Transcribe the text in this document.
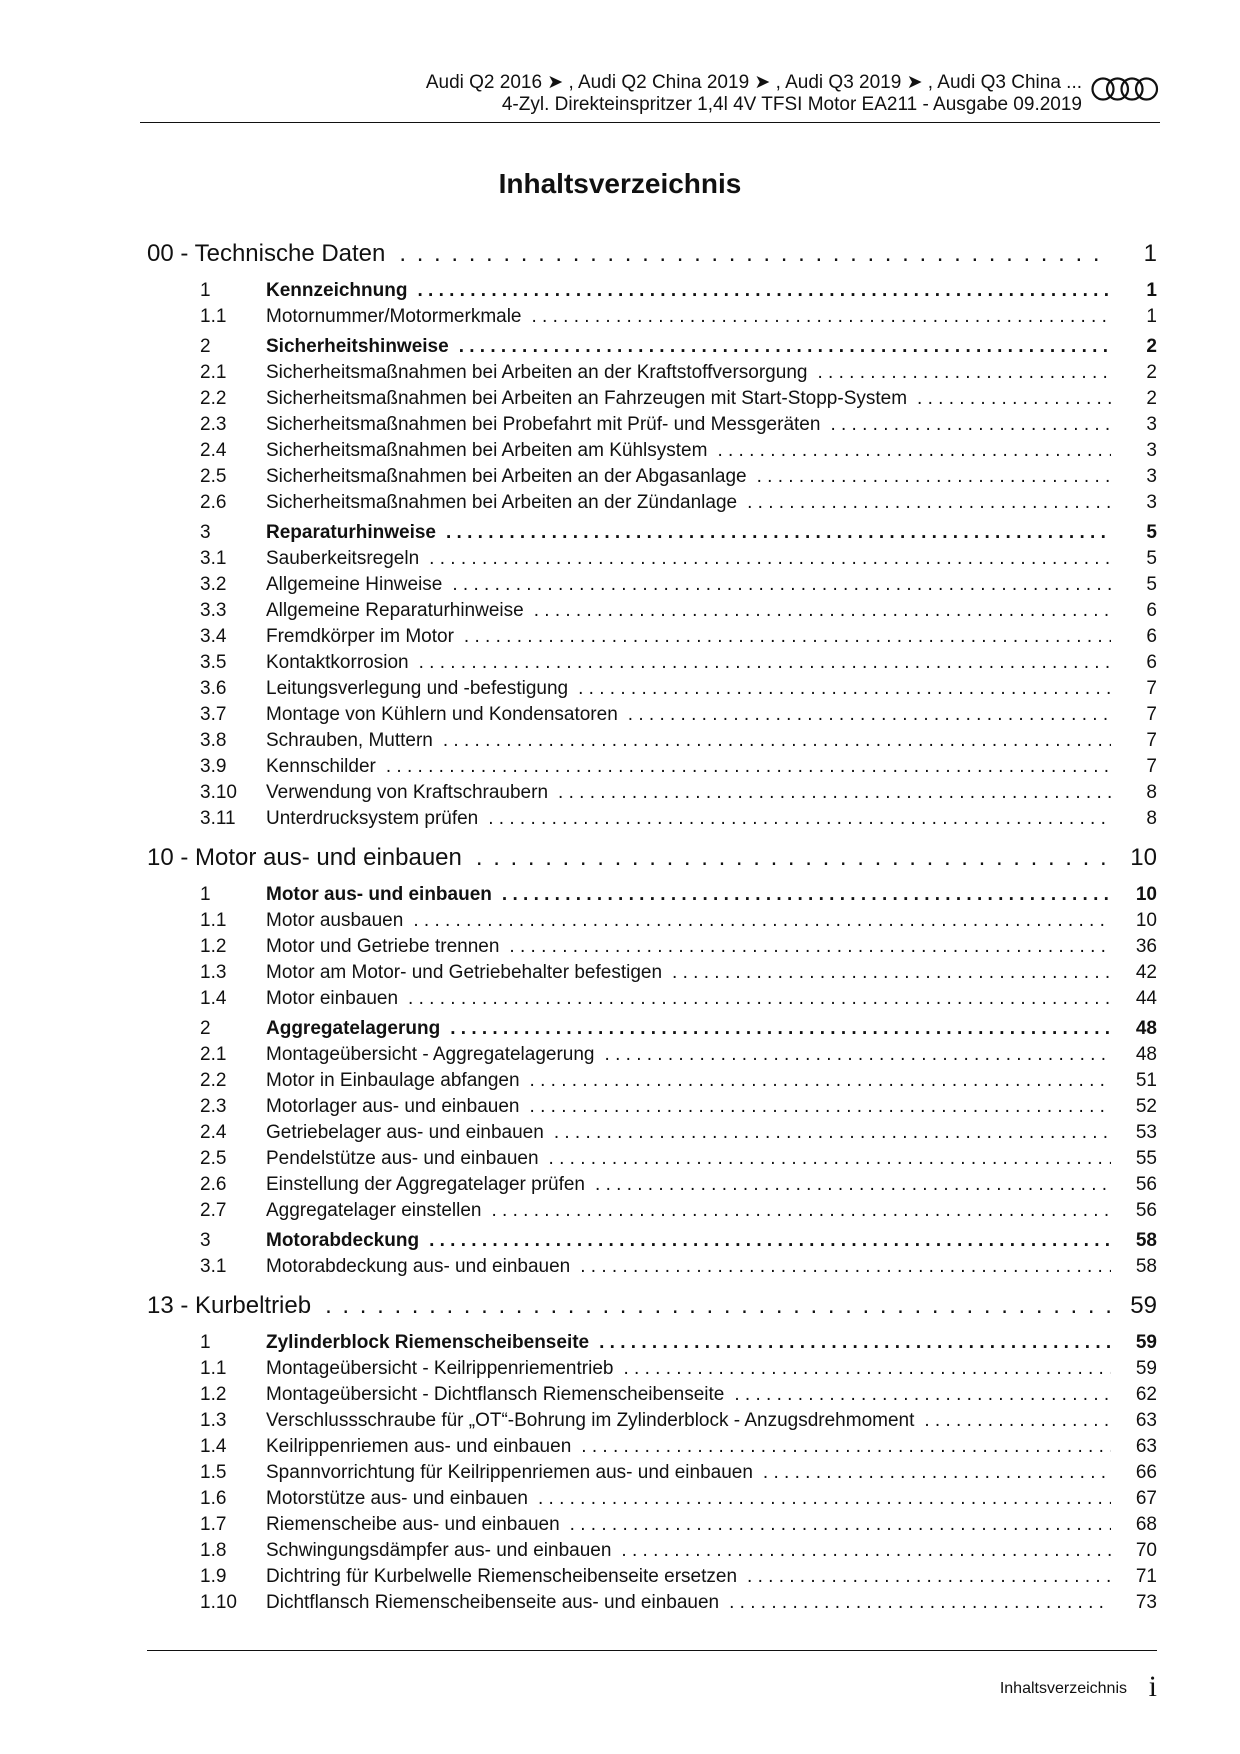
Audi Q2 2016 ➤ , Audi Q2 China 2019 ➤ , Audi Q3 2019 ➤ , Audi Q3 China ...
4-Zyl. Direkteinspritzer 1,4l 4V TFSI Motor EA211 - Ausgabe 09.2019
Inhaltsverzeichnis
00 - Technische Daten . . .	1
1	Kennzeichnung . . .	1
1.1	Motornummer/Motormerkmale . . .	1
2	Sicherheitshinweise . . .	2
2.1	Sicherheitsmaßnahmen bei Arbeiten an der Kraftstoffversorgung . . .	2
2.2	Sicherheitsmaßnahmen bei Arbeiten an Fahrzeugen mit Start-Stopp-System . . .	2
2.3	Sicherheitsmaßnahmen bei Probefahrt mit Prüf- und Messgeräten . . .	3
2.4	Sicherheitsmaßnahmen bei Arbeiten am Kühlsystem . . .	3
2.5	Sicherheitsmaßnahmen bei Arbeiten an der Abgasanlage . . .	3
2.6	Sicherheitsmaßnahmen bei Arbeiten an der Zündanlage . . .	3
3	Reparaturhinweise . . .	5
3.1	Sauberkeitsregeln . . .	5
3.2	Allgemeine Hinweise . . .	5
3.3	Allgemeine Reparaturhinweise . . .	6
3.4	Fremdkörper im Motor . . .	6
3.5	Kontaktkorrosion . . .	6
3.6	Leitungsverlegung und -befestigung . . .	7
3.7	Montage von Kühlern und Kondensatoren . . .	7
3.8	Schrauben, Muttern . . .	7
3.9	Kennschilder . . .	7
3.10	Verwendung von Kraftschraubern . . .	8
3.11	Unterdrucksystem prüfen . . .	8
10 - Motor aus- und einbauen . . .	10
1	Motor aus- und einbauen . . .	10
1.1	Motor ausbauen . . .	10
1.2	Motor und Getriebe trennen . . .	36
1.3	Motor am Motor- und Getriebehalter befestigen . . .	42
1.4	Motor einbauen . . .	44
2	Aggregatelagerung . . .	48
2.1	Montageübersicht - Aggregatelagerung . . .	48
2.2	Motor in Einbaulage abfangen . . .	51
2.3	Motorlager aus- und einbauen . . .	52
2.4	Getriebelager aus- und einbauen . . .	53
2.5	Pendelstütze aus- und einbauen . . .	55
2.6	Einstellung der Aggregatelager prüfen . . .	56
2.7	Aggregatelager einstellen . . .	56
3	Motorabdeckung . . .	58
3.1	Motorabdeckung aus- und einbauen . . .	58
13 - Kurbeltrieb . . .	59
1	Zylinderblock Riemenscheibenseite . . .	59
1.1	Montageübersicht - Keilrippenriementrieb . . .	59
1.2	Montageübersicht - Dichtflansch Riemenscheibenseite . . .	62
1.3	Verschlussschraube für „OT“-Bohrung im Zylinderblock - Anzugsdrehmoment . . .	63
1.4	Keilrippenriemen aus- und einbauen . . .	63
1.5	Spannvorrichtung für Keilrippenriemen aus- und einbauen . . .	66
1.6	Motorstütze aus- und einbauen . . .	67
1.7	Riemenscheibe aus- und einbauen . . .	68
1.8	Schwingungsdämpfer aus- und einbauen . . .	70
1.9	Dichtring für Kurbelwelle Riemenscheibenseite ersetzen . . .	71
1.10	Dichtflansch Riemenscheibenseite aus- und einbauen . . .	73
Inhaltsverzeichnis i
